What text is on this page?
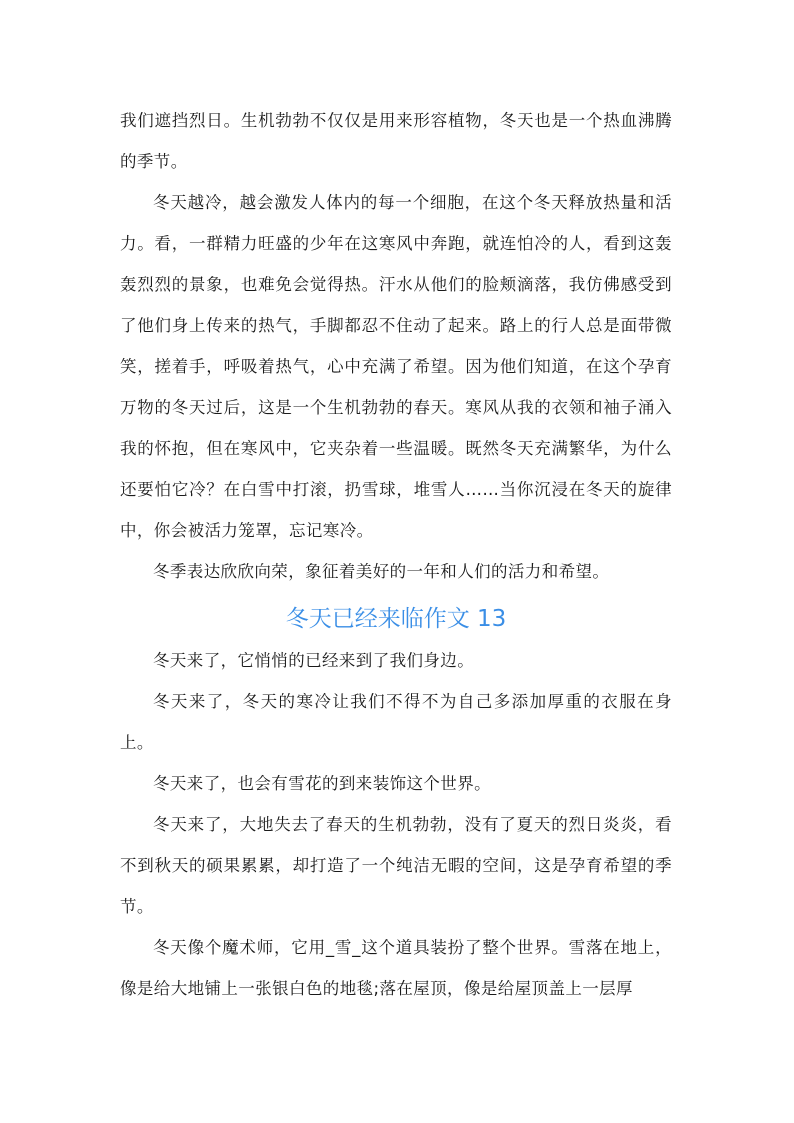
我们遮挡烈日。生机勃勃不仅仅是用来形容植物，冬天也是一个热血沸腾的季节。

冬天越冷，越会激发人体内的每一个细胞，在这个冬天释放热量和活力。看，一群精力旺盛的少年在这寒风中奔跑，就连怕冷的人，看到这轰轰烈烈的景象，也难免会觉得热。汗水从他们的脸颊滴落，我仿佛感受到了他们身上传来的热气，手脚都忍不住动了起来。路上的行人总是面带微笑，搓着手，呼吸着热气，心中充满了希望。因为他们知道，在这个孕育万物的冬天过后，这是一个生机勃勃的春天。寒风从我的衣领和袖子涌入我的怀抱，但在寒风中，它夹杂着一些温暖。既然冬天充满繁华，为什么还要怕它冷？在白雪中打滚，扔雪球，堆雪人……当你沉浸在冬天的旋律中，你会被活力笼罩，忘记寒冷。

冬季表达欣欣向荣，象征着美好的一年和人们的活力和希望。

冬天已经来临作文 13

冬天来了，它悄悄的已经来到了我们身边。

冬天来了，冬天的寒冷让我们不得不为自己多添加厚重的衣服在身上。

冬天来了，也会有雪花的到来装饰这个世界。

冬天来了，大地失去了春天的生机勃勃，没有了夏天的烈日炎炎，看不到秋天的硕果累累，却打造了一个纯洁无暇的空间，这是孕育希望的季节。

冬天像个魔术师，它用_雪_这个道具装扮了整个世界。雪落在地上，像是给大地铺上一张银白色的地毯;落在屋顶，像是给屋顶盖上一层厚
